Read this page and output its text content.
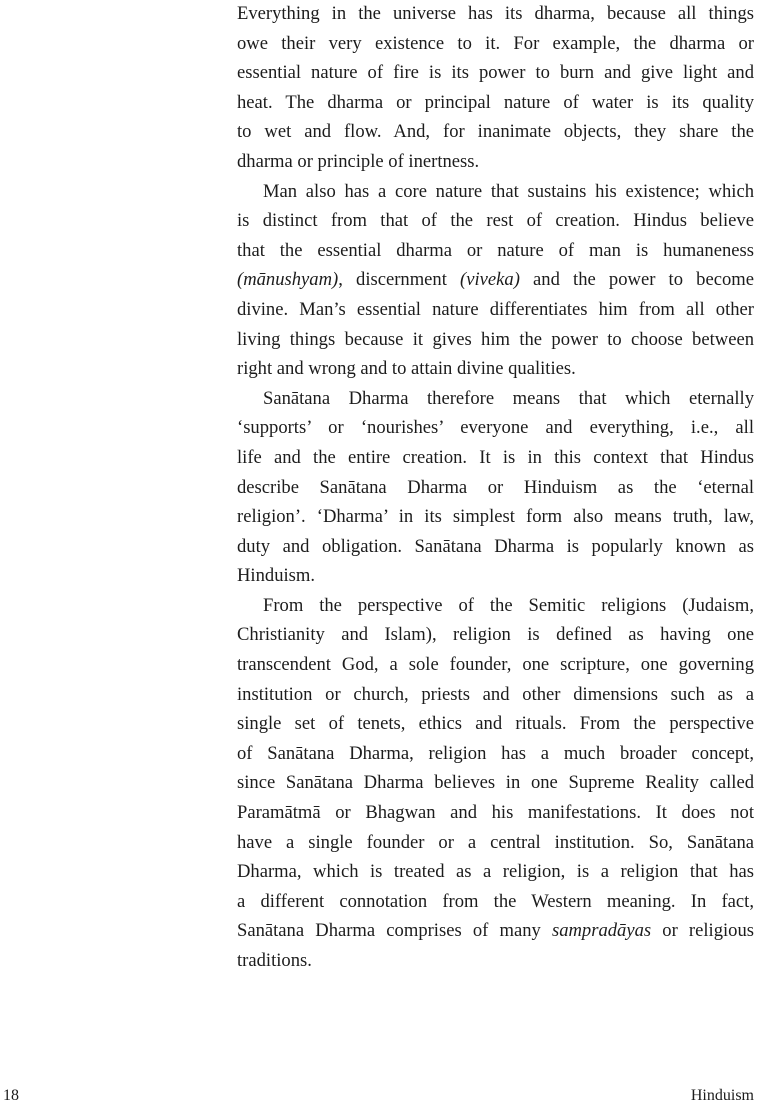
Everything in the universe has its dharma, because all things
owe their very existence to it. For example, the dharma or
essential nature of fire is its power to burn and give light and
heat. The dharma or principal nature of water is its quality
to wet and flow. And, for inanimate objects, they share the
dharma or principle of inertness.
Man also has a core nature that sustains his existence; which
is distinct from that of the rest of creation. Hindus believe
that the essential dharma or nature of man is humaneness
(mānushyam), discernment (viveka) and the power to become
divine. Man’s essential nature differentiates him from all other
living things because it gives him the power to choose between
right and wrong and to attain divine qualities.
Sanātana Dharma therefore means that which eternally
‘supports’ or ‘nourishes’ everyone and everything, i.e., all
life and the entire creation. It is in this context that Hindus
describe Sanātana Dharma or Hinduism as the ‘eternal
religion’. ‘Dharma’ in its simplest form also means truth, law,
duty and obligation. Sanātana Dharma is popularly known as
Hinduism.
From the perspective of the Semitic religions (Judaism,
Christianity and Islam), religion is defined as having one
transcendent God, a sole founder, one scripture, one governing
institution or church, priests and other dimensions such as a
single set of tenets, ethics and rituals. From the perspective
of Sanātana Dharma, religion has a much broader concept,
since Sanātana Dharma believes in one Supreme Reality called
Paramātmā or Bhagwan and his manifestations. It does not
have a single founder or a central institution. So, Sanātana
Dharma, which is treated as a religion, is a religion that has
a different connotation from the Western meaning. In fact,
Sanātana Dharma comprises of many sampradāyas or religious
traditions.
18	Hinduism
